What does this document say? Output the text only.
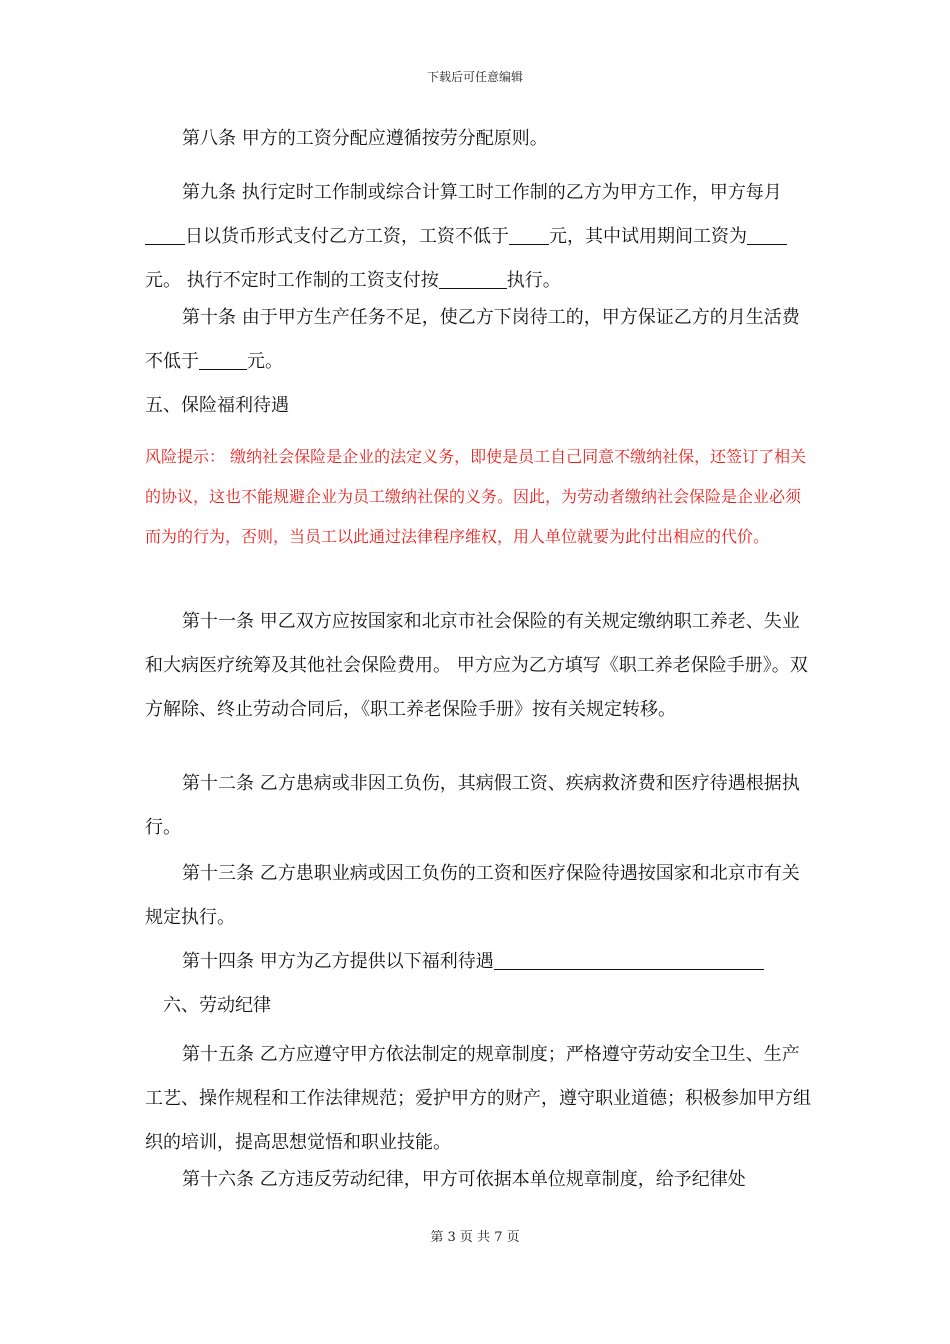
下载后可任意编辑

第八条 甲方的工资分配应遵循按劳分配原则。

第九条 执行定时工作制或综合计算工时工作制的乙方为甲方工作，甲方每月日以货币形式支付乙方工资，工资不低于 元，其中试用期间工资为元。 执行不定时工作制的工资支付按	执行。

第十条 由于甲方生产任务不足，使乙方下岗待工的，甲方保证乙方的月生活费不低于	元。

五、保险福利待遇

风险提示： 缴纳社会保险是企业的法定义务，即使是员工自己同意不缴纳社保，还签订了相关的协议，这也不能规避企业为员工缴纳社保的义务。因此，为劳动者缴纳社会保险是企业必须而为的行为，否则，当员工以此通过法律程序维权，用人单位就要为此付出相应的代价。

第十一条 甲乙双方应按国家和北京市社会保险的有关规定缴纳职工养老、失业和大病医疗统筹及其他社会保险费用。 甲方应为乙方填写《职工养老保险手册》。双方解除、终止劳动合同后，《职工养老保险手册》按有关规定转移。

第十二条 乙方患病或非因工负伤，其病假工资、疾病救济费和医疗待遇根据执行。

第十三条 乙方患职业病或因工负伤的工资和医疗保险待遇按国家和北京市有关规定执行。

第十四条 甲方为乙方提供以下福利待遇

六、劳动纪律

第十五条 乙方应遵守甲方依法制定的规章制度；严格遵守劳动安全卫生、生产工艺、操作规程和工作法律规范；爱护甲方的财产，遵守职业道德；积极参加甲方组织的培训，提高思想觉悟和职业技能。

第十六条 乙方违反劳动纪律，甲方可依据本单位规章制度，给予纪律处

第 3 页 共 7 页
